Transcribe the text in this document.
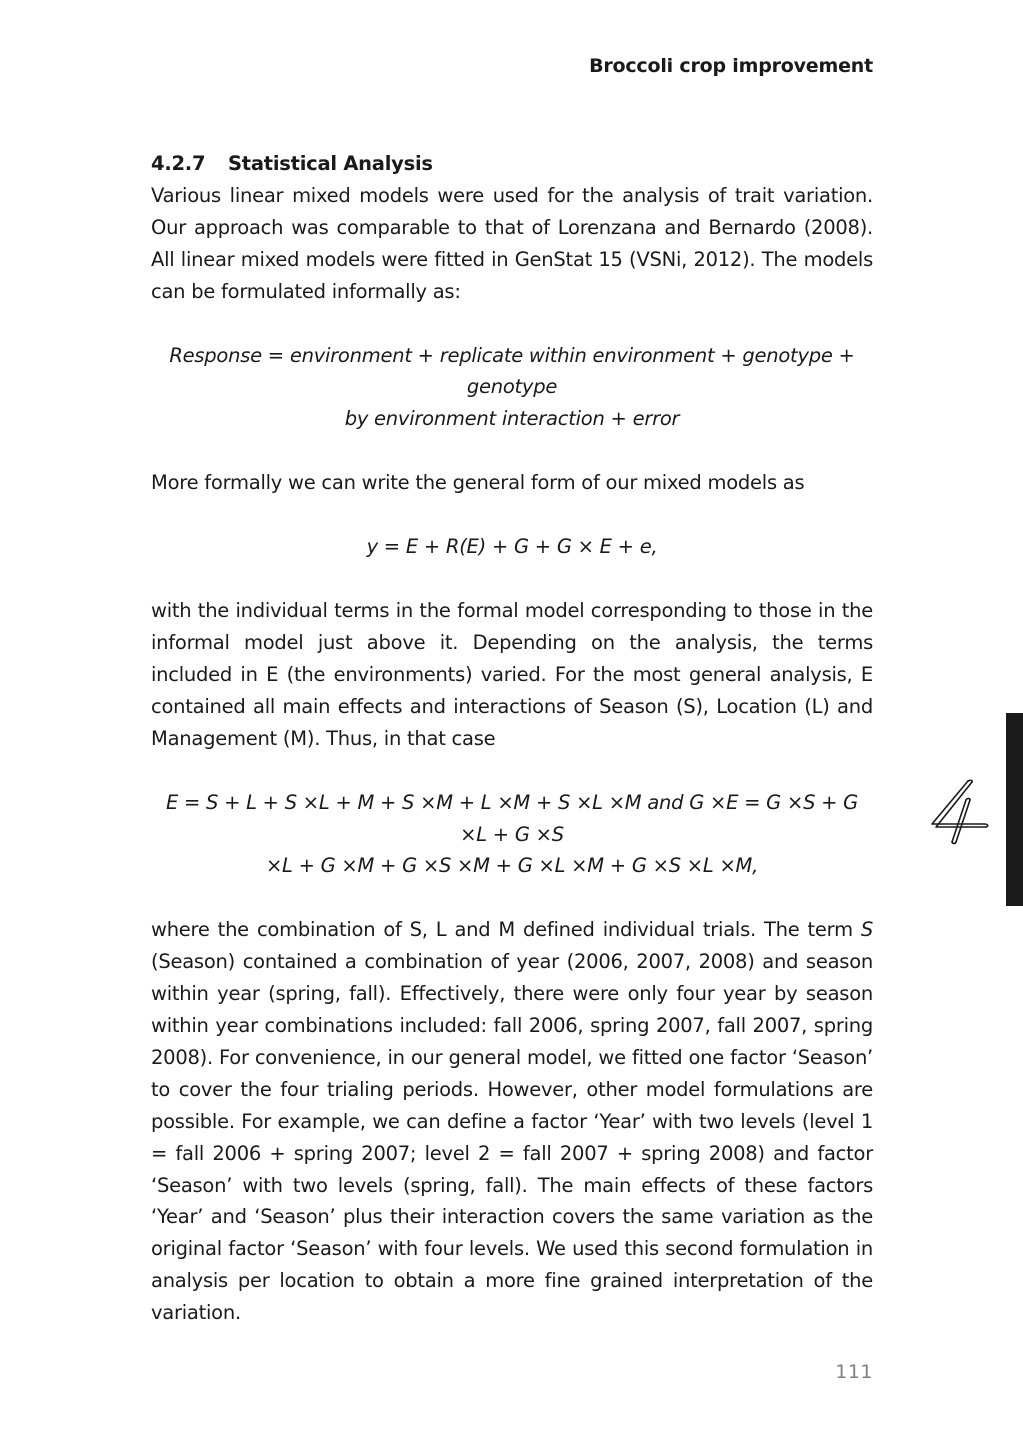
Broccoli crop improvement
4.2.7	Statistical Analysis

Various linear mixed models were used for the analysis of trait variation. Our approach was comparable to that of Lorenzana and Bernardo (2008). All linear mixed models were fitted in GenStat 15 (VSNi, 2012). The models can be formulated informally as:

Response = environment + replicate within environment + genotype + genotype
by environment interaction + error

More formally we can write the general form of our mixed models as

y = E + R(E) + G + G × E + e,

with the individual terms in the formal model corresponding to those in the informal model just above it. Depending on the analysis, the terms included in E (the environments) varied. For the most general analysis, E contained all main effects and interactions of Season (S), Location (L) and Management (M). Thus, in that case

E = S + L + S ×L + M + S ×M + L ×M + S ×L ×M and G ×E = G ×S + G ×L + G ×S
×L + G ×M + G ×S ×M + G ×L ×M + G ×S ×L ×M,

where the combination of S, L and M defined individual trials. The term S (Season) contained a combination of year (2006, 2007, 2008) and season within year (spring, fall). Effectively, there were only four year by season within year combinations included: fall 2006, spring 2007, fall 2007, spring 2008). For convenience, in our general model, we fitted one factor ‘Season’ to cover the four trialing periods. However, other model formulations are possible. For example, we can define a factor ‘Year’ with two levels (level 1 = fall 2006 + spring 2007; level 2 = fall 2007 + spring 2008) and factor ‘Season’ with two levels (spring, fall). The main effects of these factors ‘Year’ and ‘Season’ plus their interaction covers the same variation as the original factor ‘Season’ with four levels. We used this second formulation in analysis per location to obtain a more fine grained interpretation of the variation.

111
